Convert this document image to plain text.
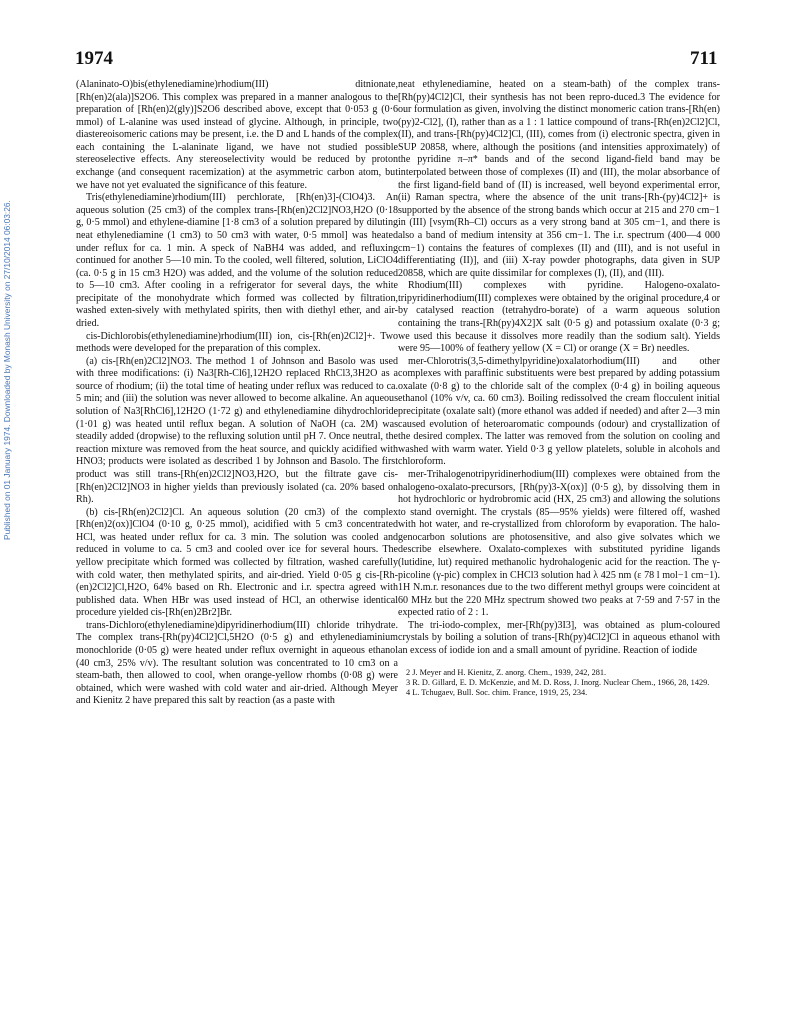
1974	711
Published on 01 January 1974. Downloaded by Monash University on 27/10/2014 06:03:26.

(Alaninato-O)bis(ethylenediamine)rhodium(III) ditnionate, [Rh(en)2(ala)]S2O6. This complex was prepared in a manner analogous to the preparation of [Rh(en)2(gly)]S2O6 described above, except that 0·053 g (0·6 mmol) of L-alanine was used instead of glycine. Although, in principle, two diastereoisomeric cations may be present, i.e. the D and L hands of the complex each containing the L-alaninate ligand, we have not studied possible stereoselective effects. Any stereoselectivity would be reduced by proton exchange (and consequent racemization) at the asymmetric carbon atom, but we have not yet evaluated the significance of this feature.

Tris(ethylenediamine)rhodium(III) perchlorate, [Rh(en)3]-(ClO4)3. An aqueous solution (25 cm3) of the complex trans-[Rh(en)2Cl2]NO3,H2O (0·18 g, 0·5 mmol) and ethylene-diamine [1·8 cm3 of a solution prepared by diluting neat ethylenediamine (1 cm3) to 50 cm3 with water, 0·5 mmol] was heated under reflux for ca. 1 min. A speck of NaBH4 was added, and refluxing continued for another 5—10 min. To the cooled, well filtered, solution, LiClO4 (ca. 0·5 g in 15 cm3 H2O) was added, and the volume of the solution reduced to 5—10 cm3. After cooling in a refrigerator for several days, the white precipitate of the monohydrate which formed was collected by filtration, washed exten-sively with methylated spirits, then with diethyl ether, and air-dried.

cis-Dichlorobis(ethylenediamine)rhodium(III) ion, cis-[Rh(en)2Cl2]+. Two methods were developed for the preparation of this complex.

(a) cis-[Rh(en)2Cl2]NO3. The method 1 of Johnson and Basolo was used with three modifications: (i) Na3[Rh-Cl6],12H2O replaced RhCl3,3H2O as a source of rhodium; (ii) the total time of heating under reflux was reduced to ca. 5 min; and (iii) the solution was never allowed to become alkaline. An aqueous solution of Na3[RhCl6],12H2O (1·72 g) and ethylenediamine dihydrochloride (1·01 g) was heated until reflux began. A solution of NaOH (ca. 2M) was steadily added (dropwise) to the refluxing solution until pH 7. Once neutral, the reaction mixture was removed from the heat source, and quickly acidified with HNO3; products were isolated as described 1 by Johnson and Basolo. The first product was still trans-[Rh(en)2Cl2]NO3,H2O, but the filtrate gave cis-[Rh(en)2Cl2]NO3 in higher yields than previously isolated (ca. 20% based on Rh).

(b) cis-[Rh(en)2Cl2]Cl. An aqueous solution (20 cm3) of the complex [Rh(en)2(ox)]ClO4 (0·10 g, 0·25 mmol), acidified with 5 cm3 concentrated HCl, was heated under reflux for ca. 3 min. The solution was cooled and reduced in volume to ca. 5 cm3 and cooled over ice for several hours. The yellow precipitate which formed was collected by filtration, washed carefully with cold water, then methylated spirits, and air-dried. Yield 0·05 g cis-[Rh-(en)2Cl2]Cl,H2O, 64% based on Rh. Electronic and i.r. spectra agreed with published data. When HBr was used instead of HCl, an otherwise identical procedure yielded cis-[Rh(en)2Br2]Br.

trans-Dichloro(ethylenediamine)dipyridinerhodium(III) chloride trihydrate. The complex trans-[Rh(py)4Cl2]Cl,5H2O (0·5 g) and ethylenediaminium monochloride (0·05 g) were heated under reflux overnight in aqueous ethanol (40 cm3, 25% v/v). The resultant solution was concentrated to 10 cm3 on a steam-bath, then allowed to cool, when orange-yellow rhombs (0·08 g) were obtained, which were washed with cold water and air-dried. Although Meyer and Kienitz 2 have prepared this salt by reaction (as a paste with

neat ethylenediamine, heated on a steam-bath) of the complex trans-[Rh(py)4Cl2]Cl, their synthesis has not been repro-duced.3 The evidence for our formulation as given, involving the distinct monomeric cation trans-[Rh(en)(py)2-Cl2], (I), rather than as a 1 : 1 lattice compound of trans-[Rh(en)2Cl2]Cl, (II), and trans-[Rh(py)4Cl2]Cl, (III), comes from (i) electronic spectra, given in SUP 20858, where, although the positions (and intensities approximately) of the pyridine π–π* bands and of the second ligand-field band may be interpolated between those of complexes (II) and (III), the molar absorbance of the first ligand-field band of (II) is increased, well beyond experimental error, (ii) Raman spectra, where the absence of the unit trans-[Rh-(py)4Cl2]+ is supported by the absence of the strong bands which occur at 215 and 270 cm−1 in (III) [νsym(Rh–Cl) occurs as a very strong band at 305 cm−1, and there is also a band of medium intensity at 356 cm−1. The i.r. spectrum (400—4 000 cm−1) contains the features of complexes (II) and (III), and is not useful in differentiating (II)], and (iii) X-ray powder photographs, data given in SUP 20858, which are quite dissimilar for complexes (I), (II), and (III).

Rhodium(III) complexes with pyridine. Halogeno-oxalato-tripyridinerhodium(III) complexes were obtained by the original procedure,4 or by catalysed reaction (tetrahydro-borate) of a warm aqueous solution containing the trans-[Rh(py)4X2]X salt (0·5 g) and potassium oxalate (0·3 g; we used this because it dissolves more readily than the sodium salt). Yields were 95—100% of feathery yellow (X = Cl) or orange (X = Br) needles.

mer-Chlorotris(3,5-dimethylpyridine)oxalatorhodium(III) and other complexes with paraffinic substituents were best prepared by adding potassium oxalate (0·8 g) to the chloride salt of the complex (0·4 g) in boiling aqueous ethanol (10% v/v, ca. 60 cm3). Boiling redissolved the cream flocculent initial precipitate (oxalate salt) (more ethanol was added if needed) and after 2—3 min caused evolution of heteroaromatic compounds (odour) and crystallization of the desired complex. The latter was removed from the solution on cooling and washed with warm water. Yield 0·3 g yellow platelets, soluble in alcohols and chloroform.

mer-Trihalogenotripyridinerhodium(III) complexes were obtained from the halogeno-oxalato-precursors, [Rh(py)3-X(ox)] (0·5 g), by dissolving them in hot hydrochloric or hydrobromic acid (HX, 25 cm3) and allowing the solutions to stand overnight. The crystals (85—95% yields) were filtered off, washed with hot water, and re-crystallized from chloroform by evaporation. The halo-genocarbon solutions are photosensitive, and also give solvates which we describe elsewhere. Oxalato-complexes with substituted pyridine ligands (lutidine, lut) required methanolic hydrohalogenic acid for the reaction. The γ-picoline (γ-pic) complex in CHCl3 solution had λ 425 nm (ε 78 l mol−1 cm−1). 1H N.m.r. resonances due to the two different methyl groups were coincident at 60 MHz but the 220 MHz spectrum showed two peaks at 7·59 and 7·57 in the expected ratio of 2 : 1.

The tri-iodo-complex, mer-[Rh(py)3I3], was obtained as plum-coloured crystals by boiling a solution of trans-[Rh(py)4Cl2]Cl in aqueous ethanol with an excess of iodide ion and a small amount of pyridine. Reaction of iodide

2 J. Meyer and H. Kienitz, Z. anorg. Chem., 1939, 242, 281.

3 R. D. Gillard, E. D. McKenzie, and M. D. Ross, J. Inorg. Nuclear Chem., 1966, 28, 1429.

4 L. Tchugaev, Bull. Soc. chim. France, 1919, 25, 234.
